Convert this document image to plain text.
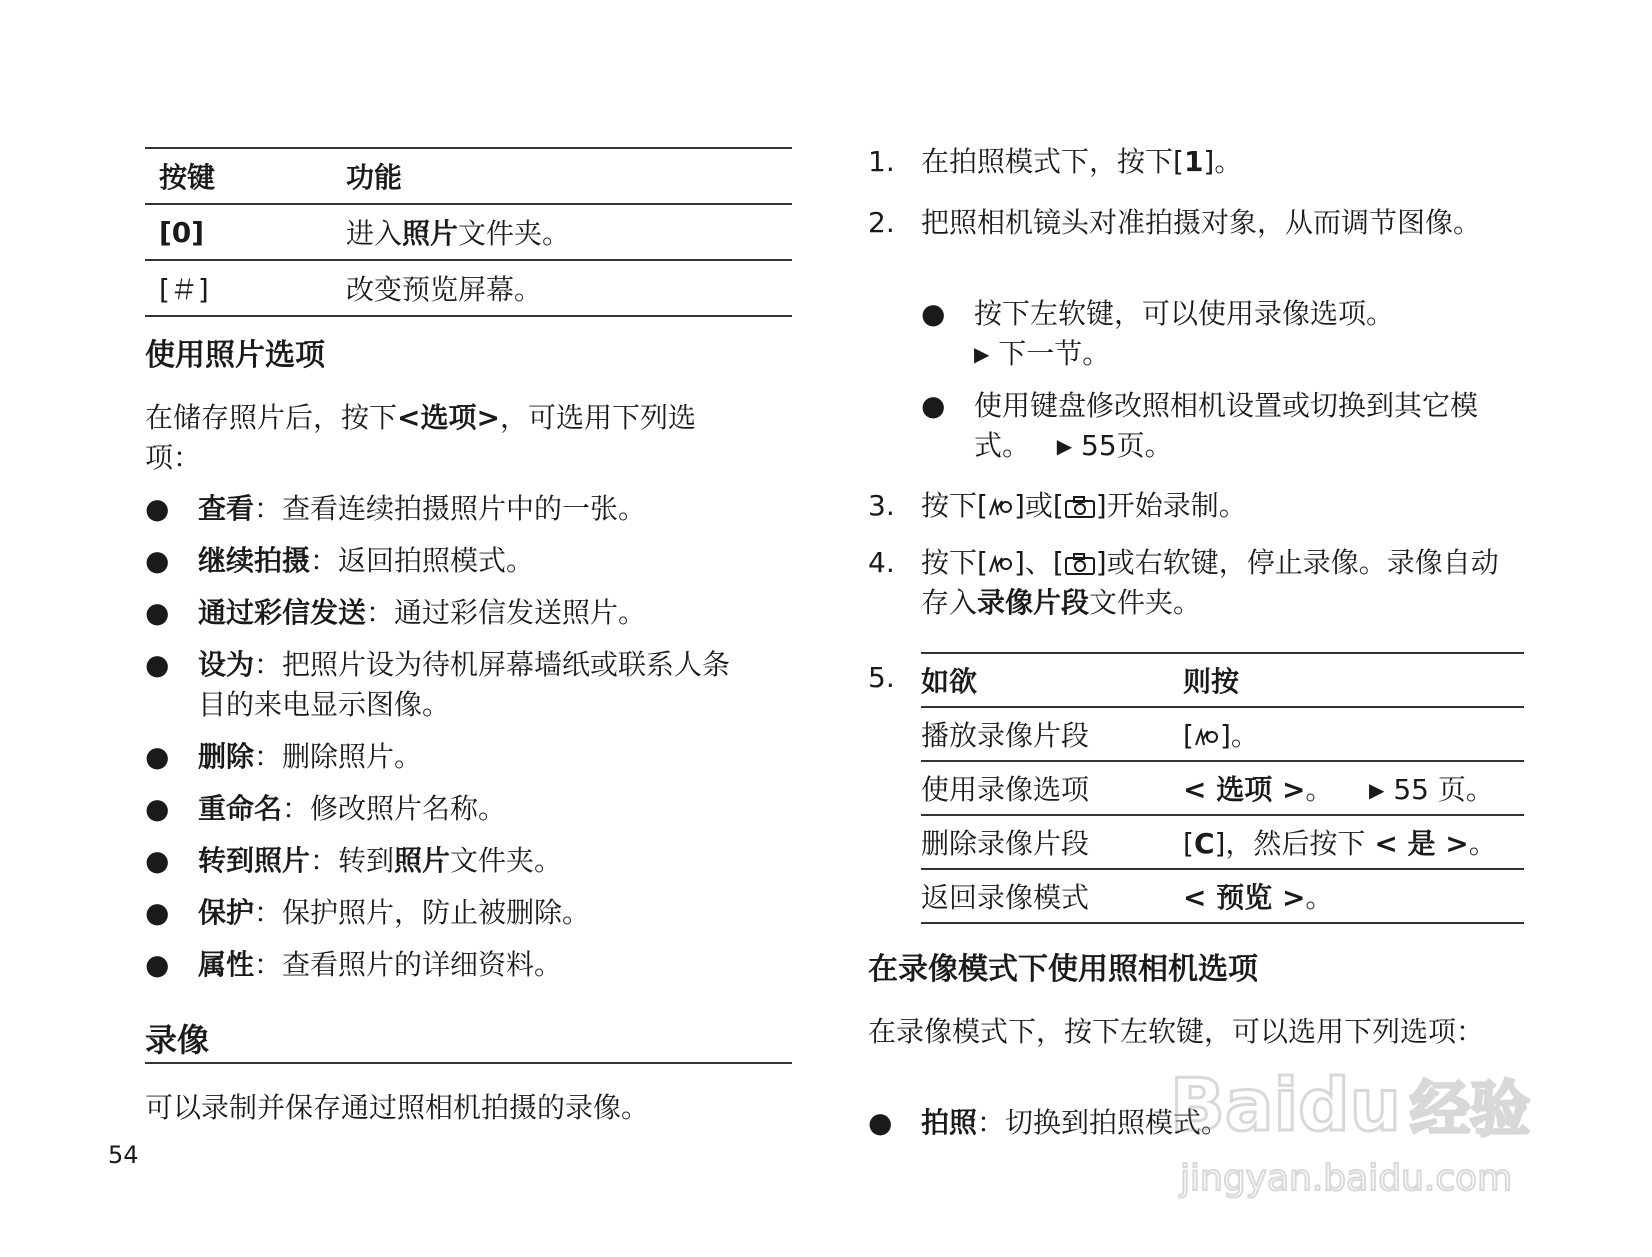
按键	功能
[0]	进入照片文件夹。
[＃]	改变预览屏幕。
使用照片选项
在储存照片后，按下<选项>，可选用下列选项：
● 查看：查看连续拍摄照片中的一张。
● 继续拍摄：返回拍照模式。
● 通过彩信发送：通过彩信发送照片。
● 设为：把照片设为待机屏幕墙纸或联系人条目的来电显示图像。
● 删除：删除照片。
● 重命名：修改照片名称。
● 转到照片：转到照片文件夹。
● 保护：保护照片，防止被删除。
● 属性：查看照片的详细资料。
录像
可以录制并保存通过照相机拍摄的录像。
54
1. 在拍照模式下，按下[1]。
2. 把照相机镜头对准拍摄对象，从而调节图像。
● 按下左软键，可以使用录像选项。
▶ 下一节。
● 使用键盘修改照相机设置或切换到其它模式。 ▶ 55页。
3. 按下[ ]或[ ]开始录制。
4. 按下[ ]、[ ]或右软键，停止录像。录像自动存入录像片段文件夹。
5. 如欲	则按
播放录像片段	[ ]。
使用录像选项	< 选项 >。 ▶ 55 页。
删除录像片段	[C]，然后按下 < 是 >。
返回录像模式	< 预览 >。
在录像模式下使用照相机选项
在录像模式下，按下左软键，可以选用下列选项：
● 拍照：切换到拍照模式。
Baidu 经验
jingyan.baidu.com
